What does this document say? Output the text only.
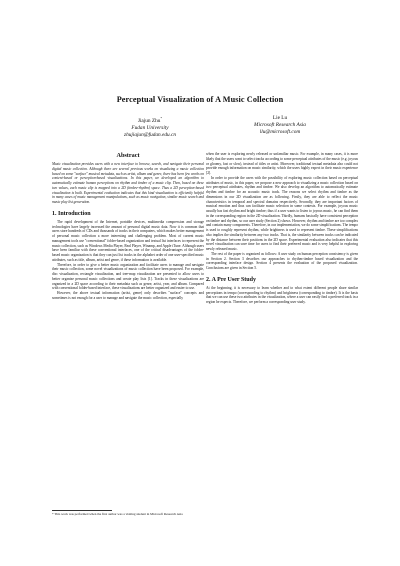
Perceptual Visualization of A Music Collection
Jiajun Zhu*
Fudan University
zhujiajun@fudan.edu.cn
Lie Lu
Microsoft Research Asia
llu@microsoft.com
Abstract

Music visualization provides users with a new interface to browse, search, and navigate their personal digital music collection. Although there are several previous works on visualizing a music collection based on some "surface" musical metadata, such as artist, album and genre, there has been few works on content-based or perception-based visualizations. In this paper, we developed an algorithm to automatically estimate human perceptions on rhythm and timbre of a music clip. Then, based on these two values, each music clip is mapped into a 2D (timbre-rhythm) space. Thus a 2D perception-based visualization is built. Experimental evaluation indicates that this kind visualization is efficiently helpful in many cases of music management manipulations, such as music navigation, similar music search and music play list generation.

1. Introduction

The rapid development of the Internet, portable devices, multimedia compression and storage technologies have largely increased the amount of personal digital music data. Now it is common that users store hundreds of CDs and thousands of tracks in their computers, which makes better management of personal music collection a more interesting and challenging problem. Most of current music management tools use "conventional" folder-based organization and textual list interfaces to represent the music collection, such as Windows Media Player, Real Player, Winamp, and Apple iTune. Although users have been familiar with these conventional interfaces, one of the critical disadvantages of the folder-based music organization is that they can just list tracks in the alphabet order of one user-specified music attributes, such as title, album, artist and genre, if these information is available.

Therefore, in order to give a better music organization and facilitate users to manage and navigate their music collection, some novel visualizations of music collection have been proposed. For example, disc visualization, rectangle visualization, and tree-map visualization are presented to allow users to better organize personal music collections and create play lists [1]. Tracks in these visualizations are organized in a 2D space according to their metadata such as genre, artist, year, and album. Compared with conventional folder-based interface, these visualizations are better organized and easier to use.

However, the above textual information (artist, genre) only describes "surface" concepts and sometimes is not enough for a user to manage and navigate the music collection, especially

when the user is exploring newly released or unfamiliar music. For example, in many cases, it is more likely that the users want to select tracks according to some perceptual attributes of the music (e.g. joyous or gloomy, fast or slow), instead of titles or artist. Moreover, traditional textual metadata also could not provide enough information on music similarity, which the users highly expect in their music experience [2].

In order to provide the users with the possibility of exploring music collection based on perceptual attributes of music, in this paper, we propose a new approach to visualizing a music collection based on two perceptual attributes, rhythm and timbre. We also develop an algorithm to automatically estimate rhythm and timbre for an acoustic music track. The reasons we select rhythm and timbre as the dimensions in our 2D visualization are as following. Firstly, they are able to reflect the music characteristics in temporal and spectral domains respectively. Secondly, they are important factors of musical emotion and thus can facilitate music selection in some contexts. For example, joyous music usually has fast rhythm and bright timbre; thus if a user wants to listen to joyous music, he can find them in the corresponding region in the 2D visualization. Thirdly, humans basically have consistent perception on timbre and rhythm, so our user study (Section 2) shows. However, rhythm and timbre are too complex and contain many components. Therefore, in our implementation, we do some simplifications. The tempo is used to roughly represent rhythm, while brightness is used to represent timbre. These simplifications also implies the similarity between any two tracks. That is, the similarity between tracks can be indicated by the distance between their positions in the 2D space. Experimental evaluation also indicates that this novel visualization can save time for users to find their preferred music and is very helpful in exploring newly released music.

The rest of the paper is organized as follows: A user study on human perception consistency is given in Section 2. Section 3 describes our approaches to rhythm-timbre based visualization and the corresponding interface design. Section 4 presents the evaluation of the proposed visualization. Conclusions are given in Section 5.

2. A Pre User Study

At the beginning, it is necessary to learn whether and to what extent different people share similar perceptions in tempo (corresponding to rhythm) and brightness (corresponding to timbre). It is the basis that we can use these two attributes in the visualization, where a user can easily find a preferred track in a region he expects. Therefore, we perform a corresponding user study.

* This work was performed when the first author was a visiting student in Microsoft Research Asia
